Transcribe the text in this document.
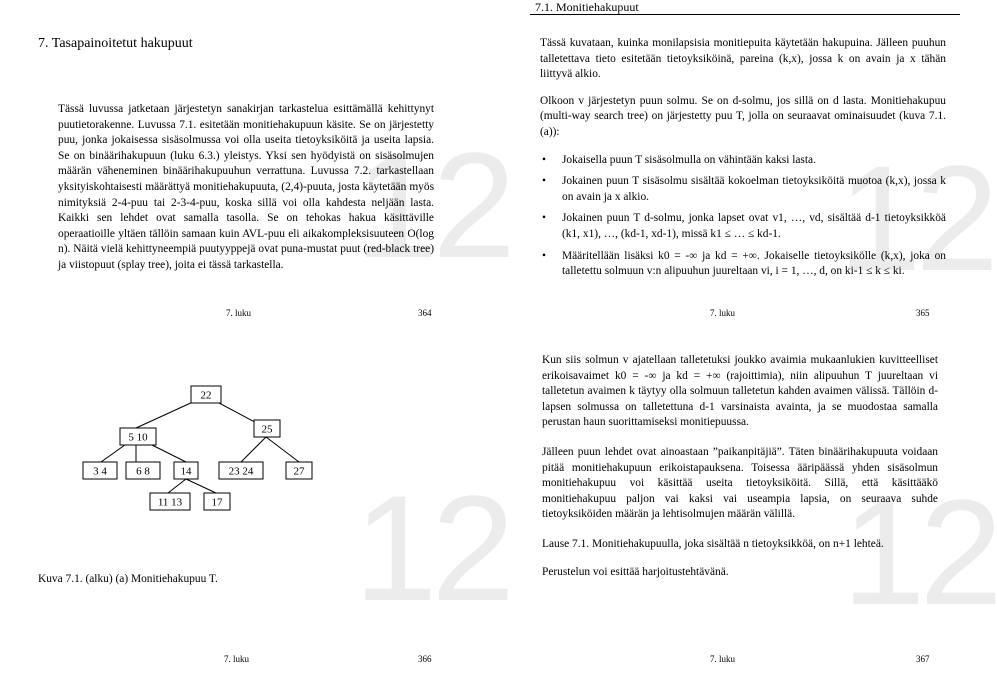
7.1. Monitiehakupuut
12
7. Tasapainoitetut hakupuut

Tässä luvussa jatketaan järjestetyn sanakirjan tarkastelua esittämällä kehittynyt puutietorakenne. Luvussa 7.1. esitetään monitiehakupuun käsite. Se on järjestetty puu, jonka jokaisessa sisäsolmussa voi olla useita tietoyksiköitä ja useita lapsia. Se on binäärihakupuun (luku 6.3.) yleistys. Yksi sen hyödyistä on sisäsolmujen määrän väheneminen binäärihakupuuhun verrattuna. Luvussa 7.2. tarkastellaan yksityiskohtaisesti määrättyä monitiehakupuuta, (2,4)-puuta, josta käytetään myös nimityksiä 2-4-puu tai 2-3-4-puu, koska sillä voi olla kahdesta neljään lasta. Kaikki sen lehdet ovat samalla tasolla. Se on tehokas hakua käsittäville operaatioille yltäen tällöin samaan kuin AVL-puu eli aikakompleksisuuteen O(log n). Näitä vielä kehittyneempiä puutyyppejä ovat puna-mustat puut (red-black tree) ja viistopuut (splay tree), joita ei tässä tarkastella.

7. luku	364
12

Tässä kuvataan, kuinka monilapsisia monitiepuita käytetään hakupuina. Jälleen puuhun talletettava tieto esitetään tietoyksiköinä, pareina (k,x), jossa k on avain ja x tähän liittyvä alkio.

Olkoon v järjestetyn puun solmu. Se on d-solmu, jos sillä on d lasta. Monitiehakupuu (multi-way search tree) on järjestetty puu T, jolla on seuraavat ominaisuudet (kuva 7.1.(a)):

• Jokaisella puun T sisäsolmulla on vähintään kaksi lasta.
• Jokainen puun T sisäsolmu sisältää kokoelman tietoyksiköitä muotoa (k,x), jossa k on avain ja x alkio.
• Jokainen puun T d-solmu, jonka lapset ovat v1, …, vd, sisältää d-1 tietoyksikköä (k1, x1), …, (kd-1, xd-1), missä k1 ≤ … ≤ kd-1.
• Määritellään lisäksi k0 = -∞ ja kd = +∞. Jokaiselle tietoyksikölle (k,x), joka on talletettu solmuun v:n alipuuhun juureltaan vi, i = 1, …, d, on ki-1 ≤ k ≤ ki.
7. luku	365
12
22
5 10
25
3 4	6 8	14	23 24	27
11 13	17
Kuva 7.1. (alku) (a) Monitiehakupuu T.
7. luku	366
12

Kun siis solmun v ajatellaan talletetuksi joukko avaimia mukaanlukien kuvitteelliset erikoisavaimet k0 = -∞ ja kd = +∞ (rajoittimia), niin alipuuhun T juureltaan vi talletetun avaimen k täytyy olla solmuun talletetun kahden avaimen välissä. Tällöin d-lapsen solmussa on talletettuna d-1 varsinaista avainta, ja se muodostaa samalla perustan haun suorittamiseksi monitiepuussa.

Jälleen puun lehdet ovat ainoastaan ”paikanpitäjiä”. Täten binäärihakupuuta voidaan pitää monitiehakupuun erikoistapauksena. Toisessa ääripäässä yhden sisäsolmun monitiehakupuu voi käsittää useita tietoyksiköitä. Sillä, että käsittääkö monitiehakupuu paljon vai kaksi vai useampia lapsia, on seuraava suhde tietoyksiköiden määrän ja lehtisolmujen määrän välillä.

Lause 7.1. Monitiehakupuulla, joka sisältää n tietoyksikköä, on n+1 lehteä.

Perustelun voi esittää harjoitustehtävänä.

7. luku	367
